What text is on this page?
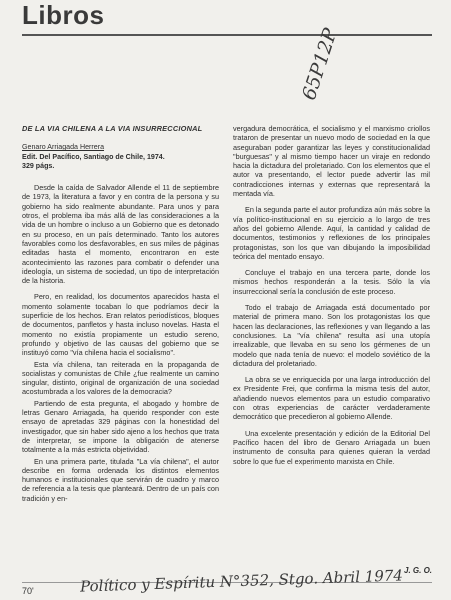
Libros
65P12P
DE LA VIA CHILENA A LA VIA INSURRECCIONAL
Genaro Arriagada Herrera
Edit. Del Pacífico, Santiago de Chile, 1974.
329 págs.

Desde la caída de Salvador Allende el 11 de septiembre de 1973, la literatura a favor y en contra de la persona y su gobierno ha sido realmente abundante. Para unos y para otros, el problema iba más allá de las consideraciones a la vida de un hombre o incluso a un Gobierno que es detonado en su proceso, en un país determinado. Tanto los autores favorables como los desfavorables, en sus miles de páginas editadas hasta el momento, encontraron en este acontecimiento las razones para combatir o defender una ideología, un sistema de sociedad, un tipo de interpretación de la historia.

Pero, en realidad, los documentos aparecidos hasta el momento solamente tocaban lo que podríamos decir la superficie de los hechos. Eran relatos periodísticos, bloques de documentos, panfletos y hasta incluso novelas. Hasta el momento no existía propiamente un estudio sereno, profundo y objetivo de las causas del gobierno que se instituyó como "vía chilena hacia el socialismo".

Esta vía chilena, tan reiterada en la propaganda de socialistas y comunistas de Chile ¿fue realmente un camino singular, distinto, original de organización de una sociedad acostumbrada a los valores de la democracia?

Partiendo de esta pregunta, el abogado y hombre de letras Genaro Arriagada, ha querido responder con este ensayo de apretadas 329 páginas con la honestidad del investigador, que sin haber sido ajeno a los hechos que trata de interpretar, se impone la obligación de atenerse totalmente a la más estricta objetividad.

En una primera parte, titulada "La vía chilena", el autor describe en forma ordenada los distintos elementos humanos e institucionales que servirán de cuadro y marco de referencia a la tesis que planteará. Dentro de un país con tradición y en-

vergadura democrática, el socialismo y el marxismo criollos trataron de presentar un nuevo modo de sociedad en la que aseguraban poder garantizar las leyes y constitucionalidad "burguesas" y al mismo tiempo hacer un viraje en redondo hacia la dictadura del proletariado. Con los elementos que el autor va presentando, el lector puede advertir las mil contradicciones internas y externas que representará la mentada vía.

En la segunda parte el autor profundiza aún más sobre la vía político-institucional en su ejercicio a lo largo de tres años del gobierno Allende. Aquí, la cantidad y calidad de documentos, testimonios y reflexiones de los principales protagonistas, son los que van dibujando la imposibilidad teórica del mentado ensayo.

Concluye el trabajo en una tercera parte, donde los mismos hechos responderán a la tesis. Sólo la vía insurreccional sería la conclusión de este proceso.

Todo el trabajo de Arriagada está documentado por material de primera mano. Son los protagonistas los que hacen las declaraciones, las reflexiones y van llegando a las conclusiones. La "vía chilena" resulta así una utopía irrealizable, que llevaba en su seno los gérmenes de un modelo que nada tenía de nuevo: el modelo soviético de la dictadura del proletariado.

La obra se ve enriquecida por una larga introducción del ex Presidente Frei, que confirma la misma tesis del autor, añadiendo nuevos elementos para un estudio comparativo con otras experiencias de carácter verdaderamente democrático que precedieron al gobierno Allende.

Una excelente presentación y edición de la Editorial Del Pacífico hacen del libro de Genaro Arriagada un buen instrumento de consulta para quienes quieran la verdad sobre lo que fue el experimento marxista en Chile.

J. G. O.
70'	Político y Espíritu N°352, Stgo. Abril 1974
